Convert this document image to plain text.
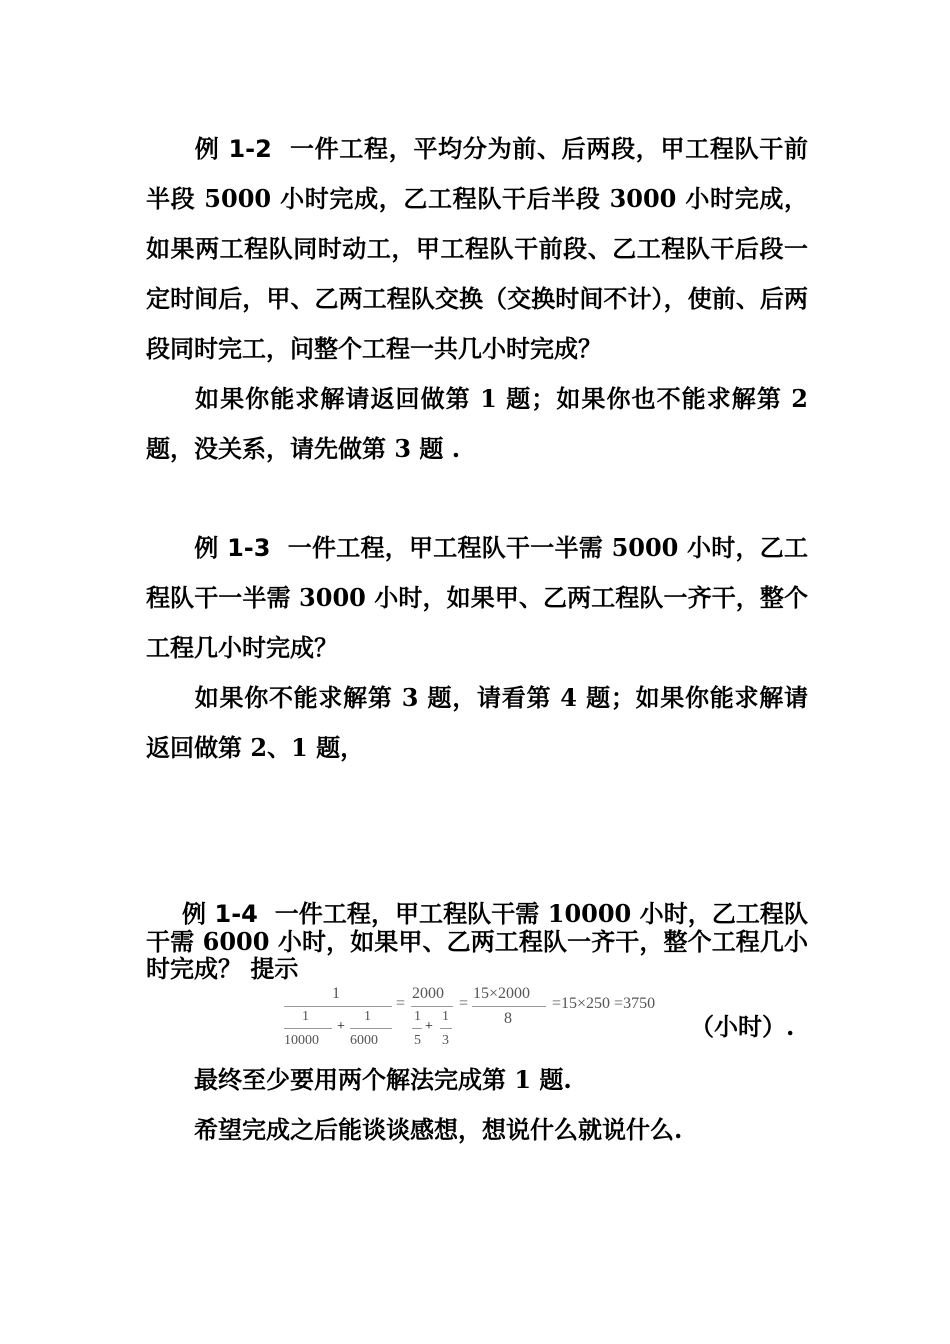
例 1-2 一件工程，平均分为前、后两段，甲工程队干前半段 5000 小时完成，乙工程队干后半段 3000 小时完成，如果两工程队同时动工，甲工程队干前段、乙工程队干后段一定时间后，甲、乙两工程队交换（交换时间不计），使前、后两段同时完工，问整个工程一共几小时完成？

如果你能求解请返回做第 1 题；如果你也不能求解第 2 题，没关系，请先做第 3 题 .

例 1-3 一件工程，甲工程队干一半需 5000 小时，乙工程队干一半需 3000 小时，如果甲、乙两工程队一齐干，整个工程几小时完成？

如果你不能求解第 3 题，请看第 4 题；如果你能求解请返回做第 2、1 题，

例 1-4 一件工程，甲工程队干需 10000 小时，乙工程队干需 6000 小时，如果甲、乙两工程队一齐干，整个工程几小时完成？ 提示

1
1
10000
+
1
6000
=
2000
1
5
+
1
3
=
15×2000
8
=15×250 =3750
（小时）.

最终至少要用两个解法完成第 1 题.

希望完成之后能谈谈感想，想说什么就说什么.
